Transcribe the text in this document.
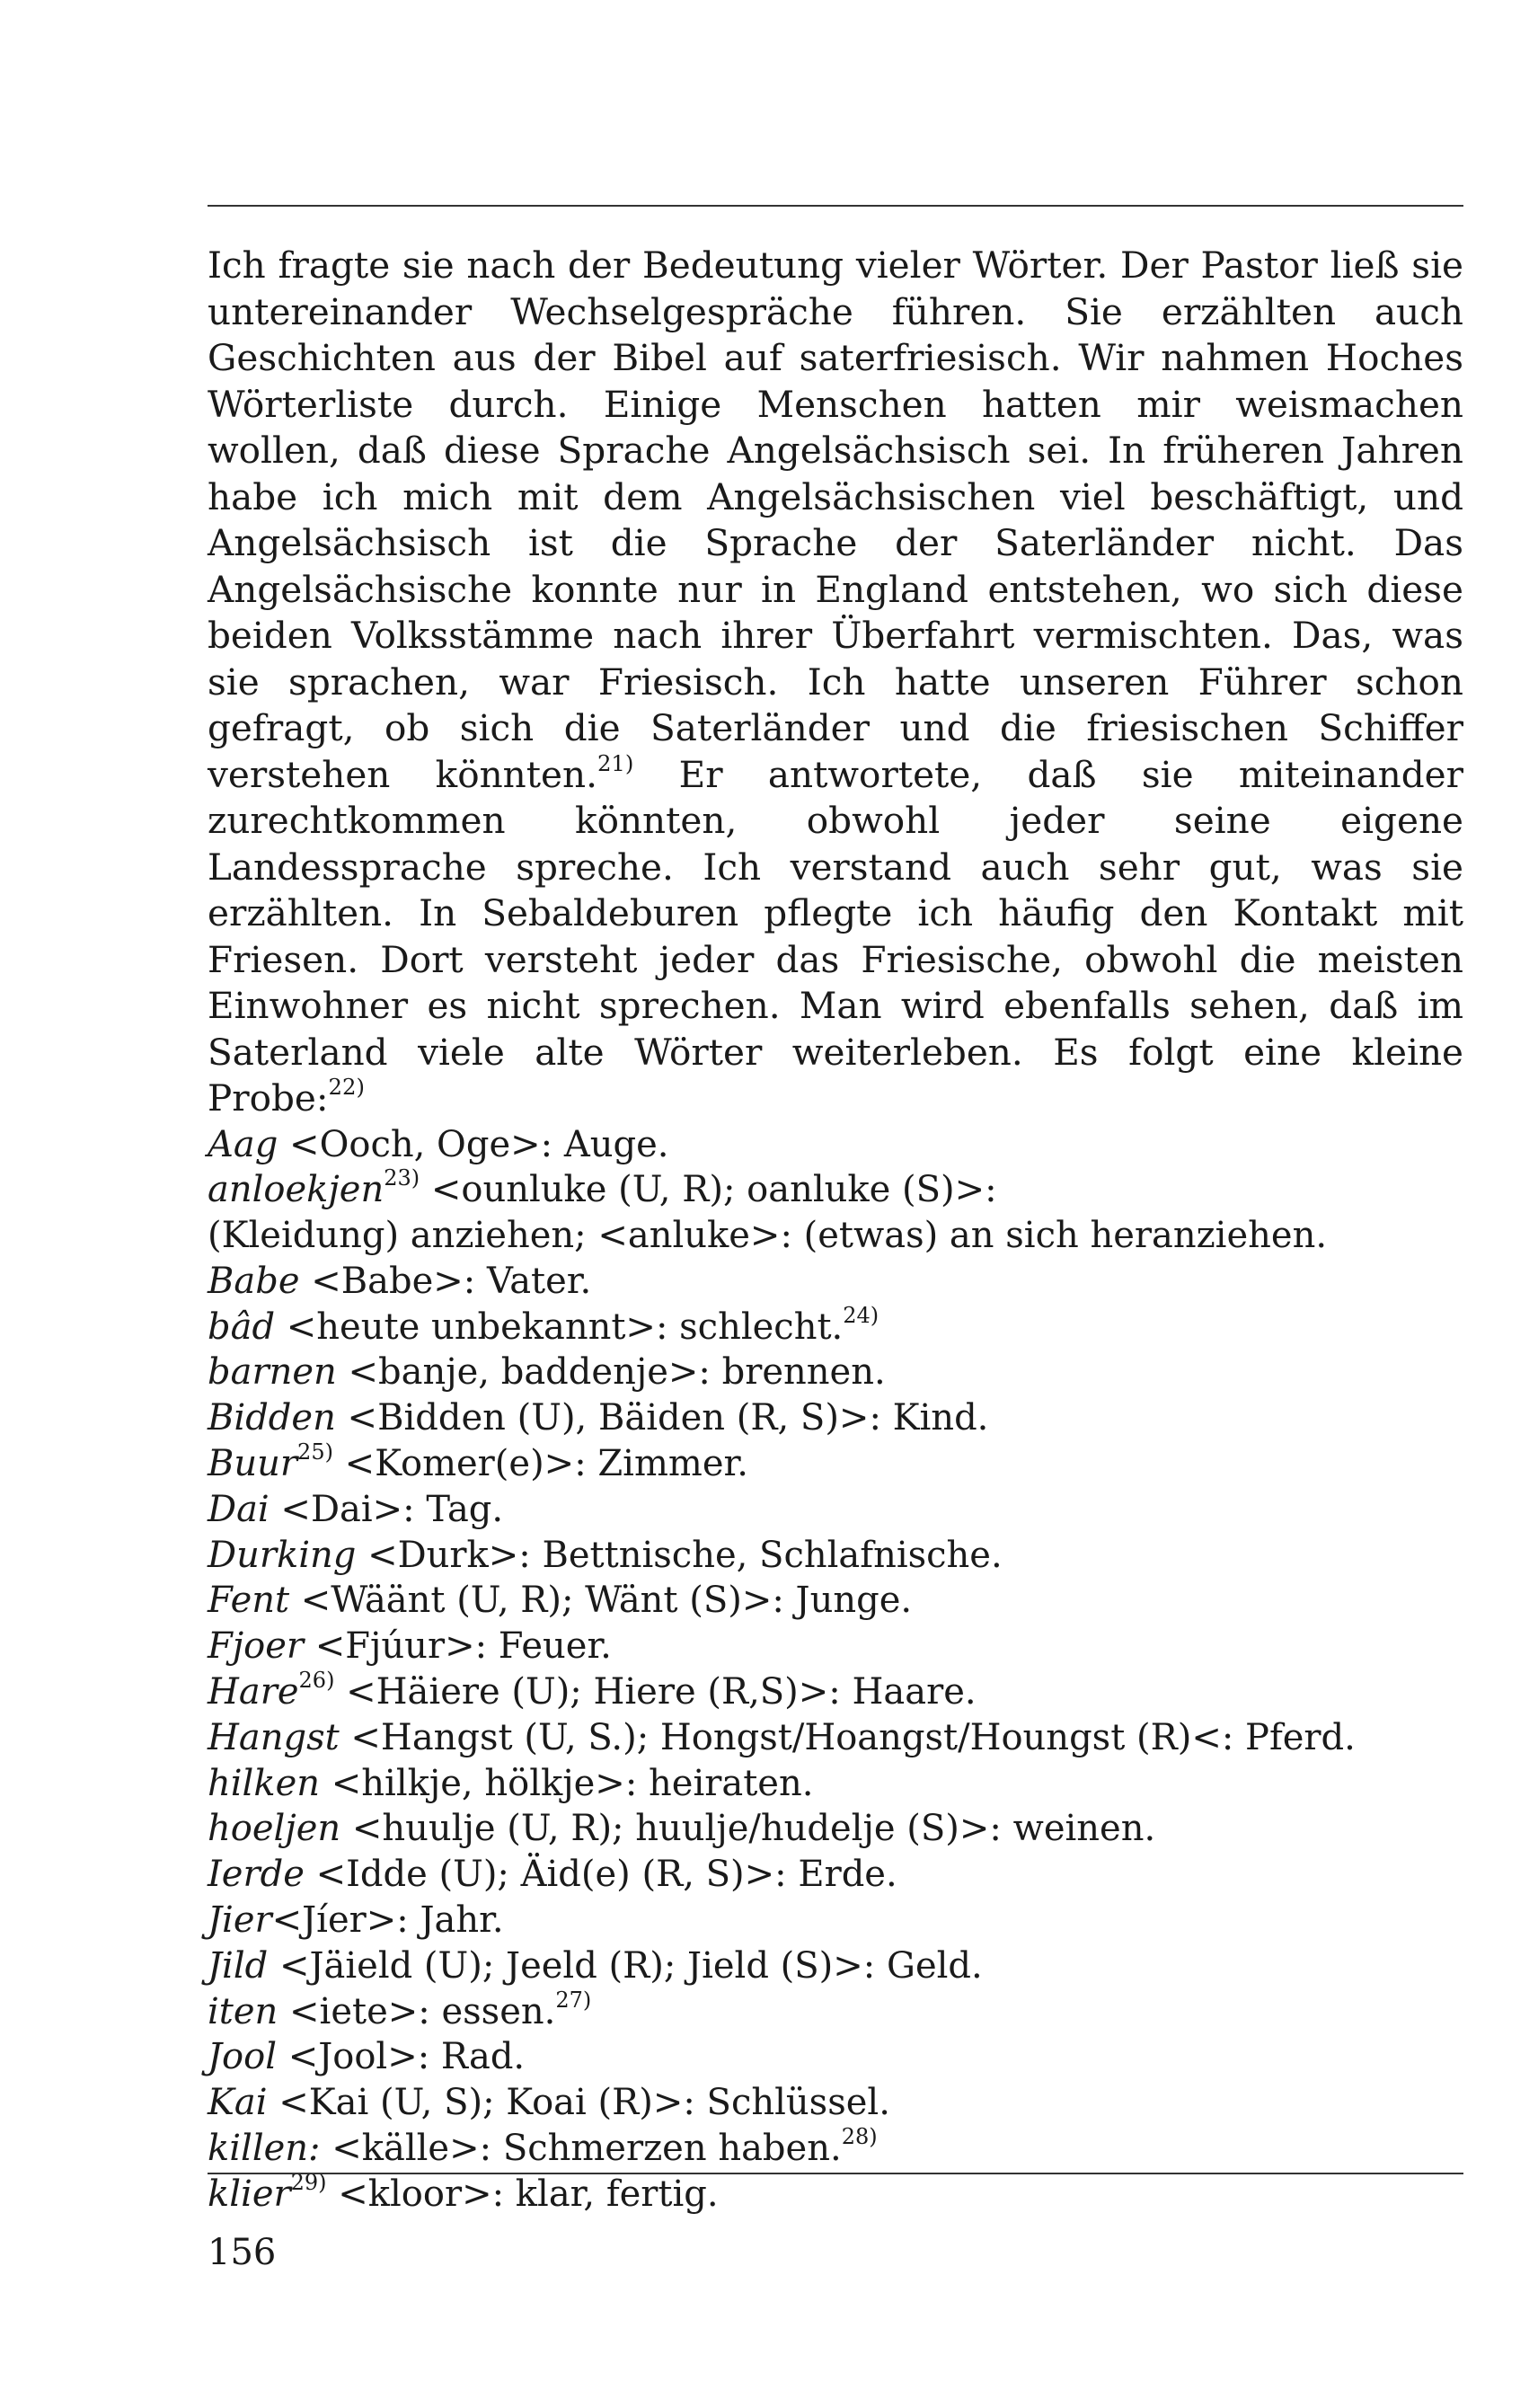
Ich fragte sie nach der Bedeutung vieler Wörter. Der Pastor ließ sie untereinander Wechselgespräche führen. Sie erzählten auch Geschichten aus der Bibel auf saterfriesisch. Wir nahmen Hoches Wörterliste durch. Einige Menschen hatten mir weismachen wollen, daß diese Sprache Angelsächsisch sei. In früheren Jahren habe ich mich mit dem Angelsächsischen viel beschäftigt, und Angelsächsisch ist die Sprache der Saterländer nicht. Das Angelsächsische konnte nur in England entstehen, wo sich diese beiden Volksstämme nach ihrer Überfahrt vermischten. Das, was sie sprachen, war Friesisch. Ich hatte unseren Führer schon gefragt, ob sich die Saterländer und die friesischen Schiffer verstehen könnten.$^{21)}$ Er antwortete, daß sie miteinander zurechtkommen könnten, obwohl jeder seine eigene Landessprache spreche. Ich verstand auch sehr gut, was sie erzählten. In Sebaldeburen pflegte ich häufig den Kontakt mit Friesen. Dort versteht jeder das Friesische, obwohl die meisten Einwohner es nicht sprechen. Man wird ebenfalls sehen, daß im Saterland viele alte Wörter weiterleben. Es folgt eine kleine Probe:$^{22)}$

Aag <Ooch, Oge>: Auge.
anloekjen$^{23)}$ <ounluke (U, R); oanluke (S)>:
(Kleidung) anziehen; <anluke>: (etwas) an sich heranziehen.
Babe <Babe>: Vater.
bâd <heute unbekannt>: schlecht.$^{24)}$
barnen <banje, baddenje>: brennen.
Bidden <Bidden (U), Bäiden (R, S)>: Kind.
Buur$^{25)}$ <Komer(e)>: Zimmer.
Dai <Dai>: Tag.
Durking <Durk>: Bettnische, Schlafnische.
Fent <Wäänt (U, R); Wänt (S)>: Junge.
Fjoer <Fjúur>: Feuer.
Hare$^{26)}$ <Häiere (U); Hiere (R,S)>: Haare.
Hangst <Hangst (U, S.); Hongst/Hoangst/Houngst (R)<: Pferd.
hilken <hilkje, hölkje>: heiraten.
hoeljen <huulje (U, R); huulje/hudelje (S)>: weinen.
Ierde <Idde (U); Äid(e) (R, S)>: Erde.
Jier<Jíer>: Jahr.
Jild <Jäield (U); Jeeld (R); Jield (S)>: Geld.
iten <iete>: essen.$^{27)}$
Jool <Jool>: Rad.
Kai <Kai (U, S); Koai (R)>: Schlüssel.
killen: <källe>: Schmerzen haben.$^{28)}$
klier$^{29)}$ <kloor>: klar, fertig.
156
